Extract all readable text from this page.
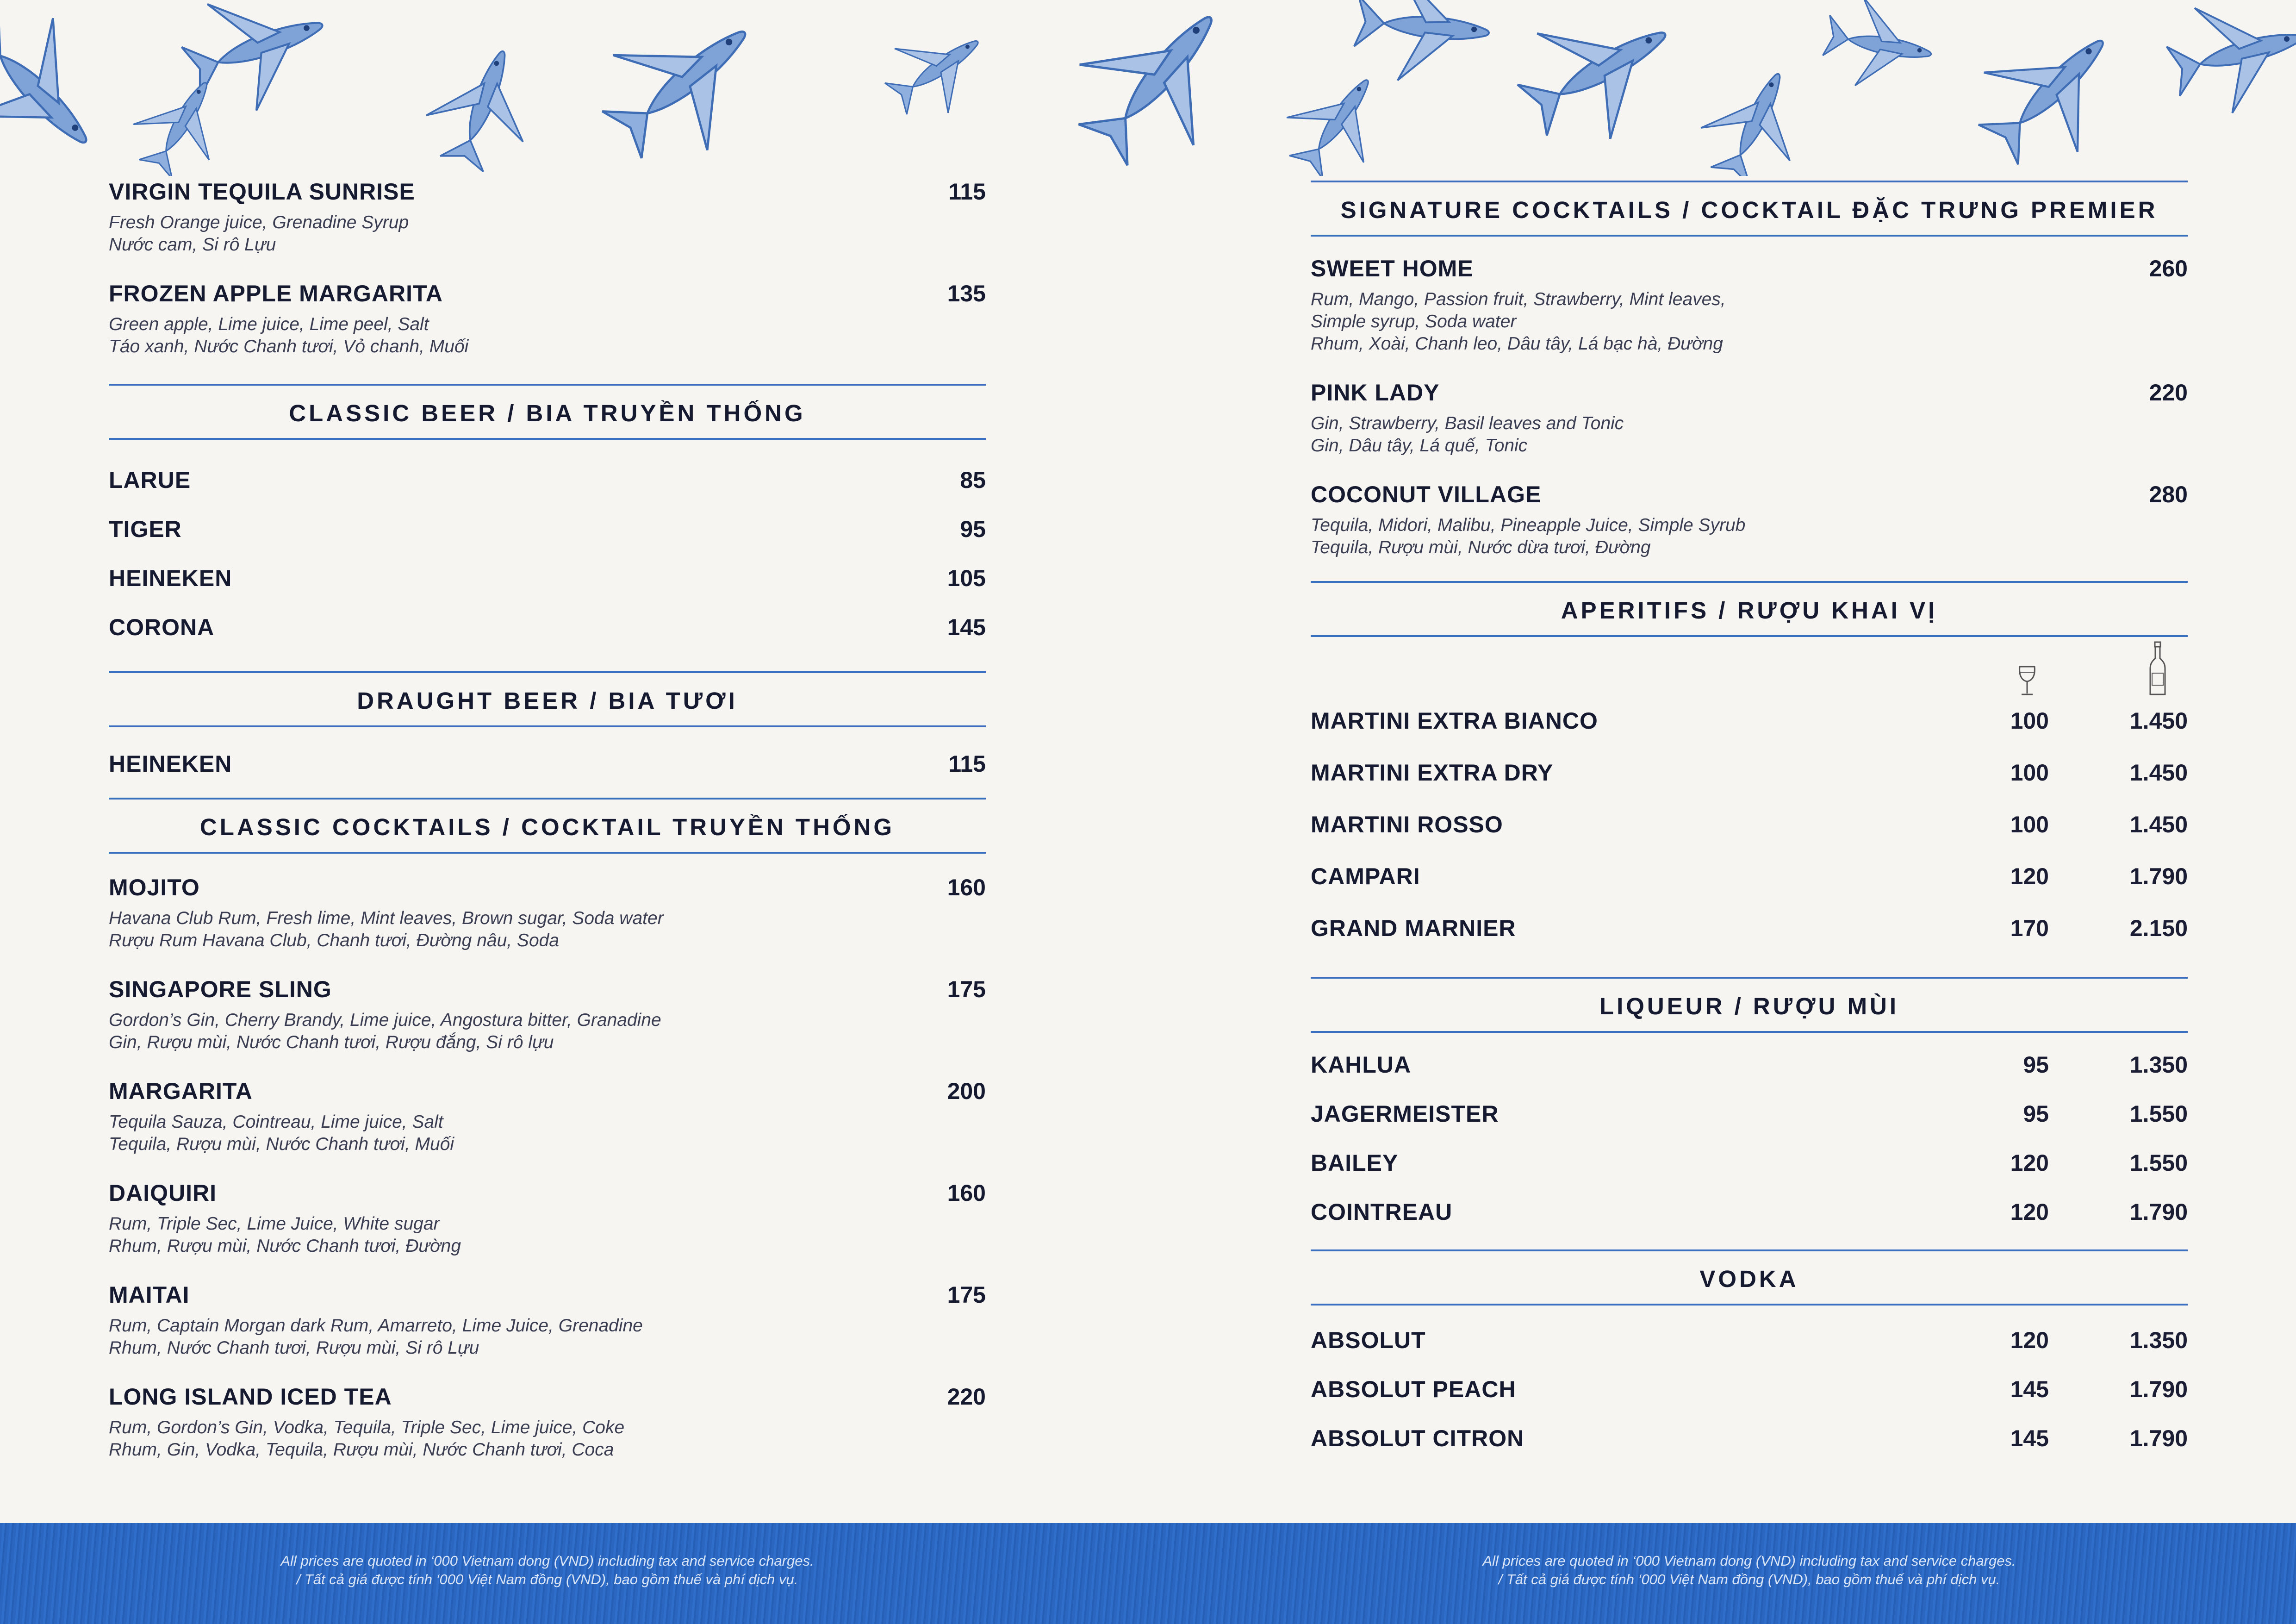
VIRGIN TEQUILA SUNRISE	115
Fresh Orange juice, Grenadine Syrup
Nước cam, Si rô Lựu
FROZEN APPLE MARGARITA	135
Green apple, Lime juice, Lime peel, Salt
Táo xanh, Nước Chanh tươi, Vỏ chanh, Muối
CLASSIC BEER / BIA TRUYỀN THỐNG
LARUE	85
TIGER	95
HEINEKEN	105
CORONA	145
DRAUGHT BEER / BIA TƯƠI
HEINEKEN	115
CLASSIC COCKTAILS / COCKTAIL TRUYỀN THỐNG
MOJITO	160
Havana Club Rum, Fresh lime, Mint leaves, Brown sugar, Soda water
Rượu Rum Havana Club, Chanh tươi, Đường nâu, Soda
SINGAPORE SLING	175
Gordon’s Gin, Cherry Brandy, Lime juice, Angostura bitter, Granadine
Gin, Rượu mùi, Nước Chanh tươi, Rượu đắng, Si rô lựu
MARGARITA	200
Tequila Sauza, Cointreau, Lime juice, Salt
Tequila, Rượu mùi, Nước Chanh tươi, Muối
DAIQUIRI	160
Rum, Triple Sec, Lime Juice, White sugar
Rhum, Rượu mùi, Nước Chanh tươi, Đường
MAITAI	175
Rum, Captain Morgan dark Rum, Amarreto, Lime Juice, Grenadine
Rhum, Nước Chanh tươi, Rượu mùi, Si rô Lựu
LONG ISLAND ICED TEA	220
Rum, Gordon’s Gin, Vodka, Tequila, Triple Sec, Lime juice, Coke
Rhum, Gin, Vodka, Tequila, Rượu mùi, Nước Chanh tươi, Coca
SIGNATURE COCKTAILS / COCKTAIL ĐẶC TRƯNG PREMIER
SWEET HOME	260
Rum, Mango, Passion fruit, Strawberry, Mint leaves,
Simple syrup, Soda water
Rhum, Xoài, Chanh leo, Dâu tây, Lá bạc hà, Đường
PINK LADY	220
Gin, Strawberry, Basil leaves and Tonic
Gin, Dâu tây, Lá quế, Tonic
COCONUT VILLAGE	280
Tequila, Midori, Malibu, Pineapple Juice, Simple Syrub
Tequila, Rượu mùi, Nước dừa tươi, Đường
APERITIFS / RƯỢU KHAI VỊ
MARTINI EXTRA BIANCO	100	1.450
MARTINI EXTRA DRY	100	1.450
MARTINI ROSSO	100	1.450
CAMPARI	120	1.790
GRAND MARNIER	170	2.150
LIQUEUR / RƯỢU MÙI
KAHLUA	95	1.350
JAGERMEISTER	95	1.550
BAILEY	120	1.550
COINTREAU	120	1.790
VODKA
ABSOLUT	120	1.350
ABSOLUT PEACH	145	1.790
ABSOLUT CITRON	145	1.790
All prices are quoted in ‘000 Vietnam dong (VND) including tax and service charges.
/ Tất cả giá được tính ‘000 Việt Nam đồng (VND), bao gồm thuế và phí dịch vụ.
All prices are quoted in ‘000 Vietnam dong (VND) including tax and service charges.
/ Tất cả giá được tính ‘000 Việt Nam đồng (VND), bao gồm thuế và phí dịch vụ.
